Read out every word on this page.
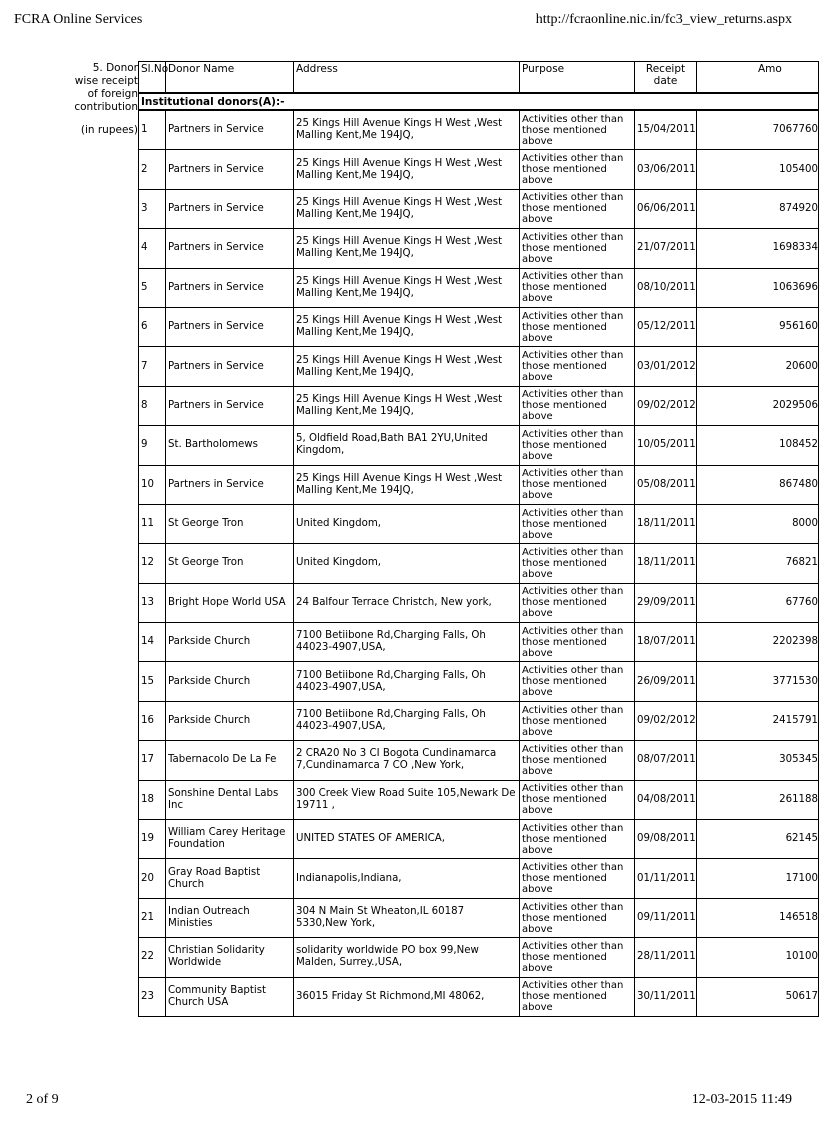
FCRA Online Services	http://fcraonline.nic.in/fc3_view_returns.aspx
5. Donor wise receipt of foreign contribution
(in rupees)
Sl.No	Donor Name	Address	Purpose	Receipt date	Amo
Institutional donors(A):-					
1	Partners in Service	25 Kings Hill Avenue Kings H West ,West Malling Kent,Me 194JQ,	Activities other than those mentioned above	15/04/2011	7067760
2	Partners in Service	25 Kings Hill Avenue Kings H West ,West Malling Kent,Me 194JQ,	Activities other than those mentioned above	03/06/2011	105400
3	Partners in Service	25 Kings Hill Avenue Kings H West ,West Malling Kent,Me 194JQ,	Activities other than those mentioned above	06/06/2011	874920
4	Partners in Service	25 Kings Hill Avenue Kings H West ,West Malling Kent,Me 194JQ,	Activities other than those mentioned above	21/07/2011	1698334
5	Partners in Service	25 Kings Hill Avenue Kings H West ,West Malling Kent,Me 194JQ,	Activities other than those mentioned above	08/10/2011	1063696
6	Partners in Service	25 Kings Hill Avenue Kings H West ,West Malling Kent,Me 194JQ,	Activities other than those mentioned above	05/12/2011	956160
7	Partners in Service	25 Kings Hill Avenue Kings H West ,West Malling Kent,Me 194JQ,	Activities other than those mentioned above	03/01/2012	20600
8	Partners in Service	25 Kings Hill Avenue Kings H West ,West Malling Kent,Me 194JQ,	Activities other than those mentioned above	09/02/2012	2029506
9	St. Bartholomews	5, Oldfield Road,Bath BA1 2YU,United Kingdom,	Activities other than those mentioned above	10/05/2011	108452
10	Partners in Service	25 Kings Hill Avenue Kings H West ,West Malling Kent,Me 194JQ,	Activities other than those mentioned above	05/08/2011	867480
11	St George Tron	United Kingdom,	Activities other than those mentioned above	18/11/2011	8000
12	St George Tron	United Kingdom,	Activities other than those mentioned above	18/11/2011	76821
13	Bright Hope World USA	24 Balfour Terrace Christch, New york,	Activities other than those mentioned above	29/09/2011	67760
14	Parkside Church	7100 Betiibone Rd,Charging Falls, Oh 44023-4907,USA,	Activities other than those mentioned above	18/07/2011	2202398
15	Parkside Church	7100 Betiibone Rd,Charging Falls, Oh 44023-4907,USA,	Activities other than those mentioned above	26/09/2011	3771530
16	Parkside Church	7100 Betiibone Rd,Charging Falls, Oh 44023-4907,USA,	Activities other than those mentioned above	09/02/2012	2415791
17	Tabernacolo De La Fe	2 CRA20 No 3 CI Bogota Cundinamarca 7,Cundinamarca 7 CO ,New York,	Activities other than those mentioned above	08/07/2011	305345
18	Sonshine Dental Labs Inc	300 Creek View Road Suite 105,Newark De 19711 ,	Activities other than those mentioned above	04/08/2011	261188
19	William Carey Heritage Foundation	UNITED STATES OF AMERICA,	Activities other than those mentioned above	09/08/2011	62145
20	Gray Road Baptist Church	Indianapolis,Indiana,	Activities other than those mentioned above	01/11/2011	17100
21	Indian Outreach Ministies	304 N Main St Wheaton,IL 60187 5330,New York,	Activities other than those mentioned above	09/11/2011	146518
22	Christian Solidarity Worldwide	solidarity worldwide PO box 99,New Malden, Surrey.,USA,	Activities other than those mentioned above	28/11/2011	10100
23	Community Baptist Church USA	36015 Friday St Richmond,MI 48062,	Activities other than those mentioned above	30/11/2011	50617
2 of 9	12-03-2015 11:49
